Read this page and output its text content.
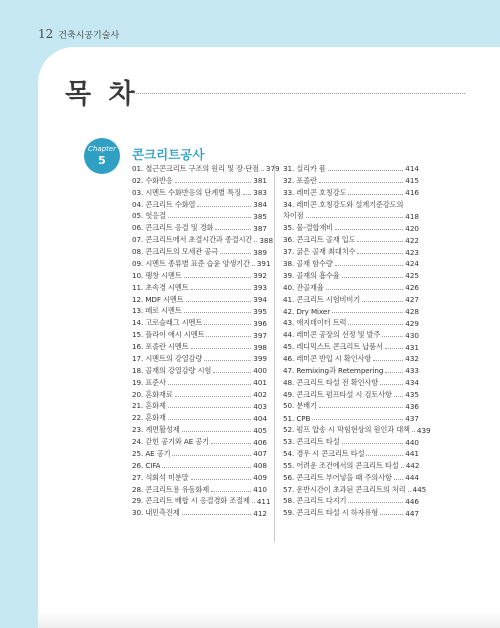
12 건축시공기술사
목 차
Chapter
5 콘크리트공사
01. 철근콘크리트 구조의 원리 및 장·단점 379
02. 수화반응	381
03. 시멘트 수화반응의 단계별 특징 383
04. 콘크리트 수화열	384
05. 헛응결	385
06. 콘크리트 응결 및 경화	387
07. 콘크리트에서 초결시간과 종결시간 388
08. 콘크리트의 모세관 공극	389
09. 시멘트 종류별 표준 습윤 양생기간 391
10. 팽창 시멘트	392
11. 초속경 시멘트	393
12. MDF 시멘트	394
13. 페로 시멘트	395
14. 고로슬래그 시멘트	396
15. 플라이 애시 시멘트	397
16. 포졸란 시멘트	398
17. 시멘트의 강열감량	399
18. 골재의 강열감량 시험	400
19. 표준사	401
20. 혼화재료	402
21. 혼화제	403
22. 혼화재	404
23. 계면활성제	405
24. 갇힌 공기와 AE 공기	406
25. AE 공기	407
26. CIFA	408
27. 석회석 미분말	409
28. 콘크리트용 유동화제	410
29. 콘크리트 배합 시 응결경화 조절제 411
30. 내민측진제	412
31. 실리카 퓸	414
32. 포졸란	415
33. 레미콘 호칭강도	416
34. 레미콘 호칭강도와 설계기준강도의
차이점	418
35. 물-결합재비	420
36. 콘크리트 골재 입도	422
37. 굵은 골재 최대치수	423
38. 골재 함수량	424
39. 골재의 흡수율	425
40. 잔골재율	426
41. 콘크리트 시험비비기	427
42. Dry Mixer	428
43. 애지데이터 트럭	429
44. 레미콘 공장의 선정 및 발주	430
45. 레디믹스트 콘크리트 납품서	431
46. 레미콘 반입 시 확인사항	432
47. Remixing과 Retempering	433
48. 콘크리트 타설 전 확인사항	434
49. 콘크리트 펌프타설 시 검토사항 435
50. 분배기	436
51. CPB	437
52. 펌프 압송 시 막힘현상의 원인과 대책 439
53. 콘크리트 타설	440
54. 경우 시 콘크리트 타설	441
55. 어려운 조건에서의 콘크리트 타설 442
56. 콘크리트 부어넣을 때 주의사항 444
57. 운반시간이 초과된 콘크리트의 처리 445
58. 콘크리트 다지기	446
59. 콘크리트 타설 시 하자유형	447
